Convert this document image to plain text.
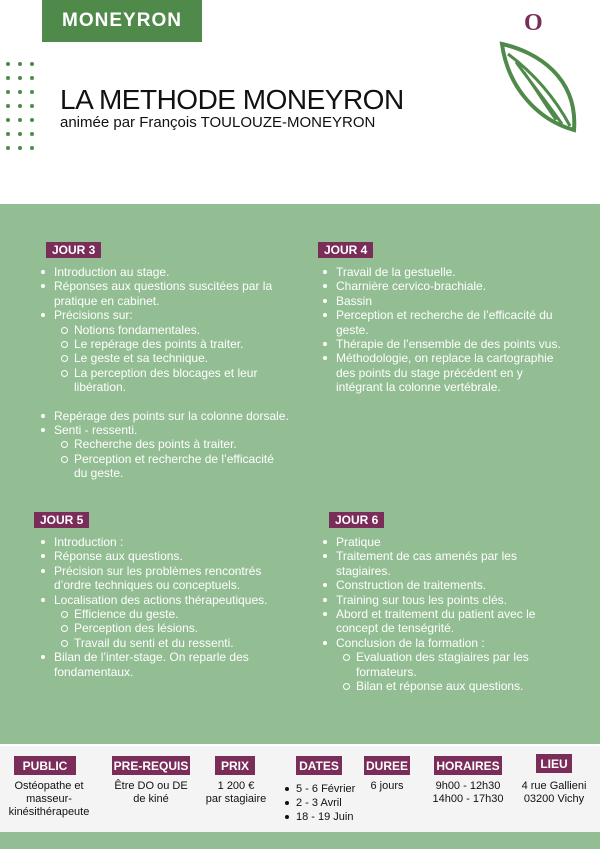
MONEYRON	O
LA METHODE MONEYRON
animée par François TOULOUZE-MONEYRON
JOUR 3
Introduction au stage.
Réponses aux questions suscitées par la pratique en cabinet.
Précisions sur:
Notions fondamentales.
Le repérage des points à traiter.
Le geste et sa technique.
La perception des blocages et leur libération.
Repérage des points sur la colonne dorsale.
Senti - ressenti.
Recherche des points à traiter.
Perception et recherche de l’efficacité du geste.
JOUR 4
Travail de la gestuelle.
Charnière cervico-brachiale.
Bassin
Perception et recherche de l’efficacité du geste.
Thérapie de l’ensemble de des points vus.
Méthodologie, on replace la cartographie des points du stage précédent en y intégrant la colonne vertébrale.
JOUR 5
Introduction :
Réponse aux questions.
Précision sur les problèmes rencontrés d’ordre techniques ou conceptuels.
Localisation des actions thérapeutiques.
Efficience du geste.
Perception des lésions.
Travail du senti et du ressenti.
Bilan de l’inter-stage. On reparle des fondamentaux.
JOUR 6
Pratique
Traitement de cas amenés par les stagiaires.
Construction de traitements.
Training sur tous les points clés.
Abord et traitement du patient avec le concept de tenségrité.
Conclusion de la formation :
Evaluation des stagiaires par les formateurs.
Bilan et réponse aux questions.
PUBLIC
Ostéopathe et
masseur-
kinésithérapeute
PRE-REQUIS
Être DO ou DE
de kiné
PRIX
1 200 €
par stagiaire
DATES
5 - 6 Février
2 - 3 Avril
18 - 19 Juin
DUREE
6 jours
HORAIRES
9h00 - 12h30
14h00 - 17h30
LIEU
4 rue Gallieni
03200 Vichy
